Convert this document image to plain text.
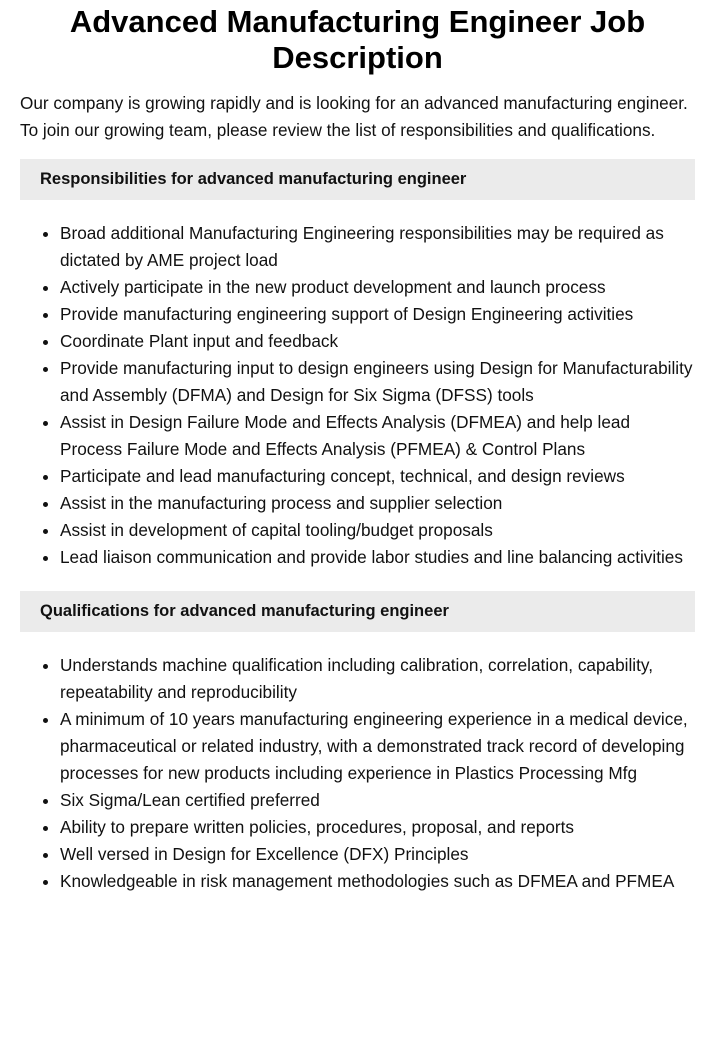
Advanced Manufacturing Engineer Job Description

Our company is growing rapidly and is looking for an advanced manufacturing engineer. To join our growing team, please review the list of responsibilities and qualifications.

Responsibilities for advanced manufacturing engineer
• Broad additional Manufacturing Engineering responsibilities may be required as dictated by AME project load
• Actively participate in the new product development and launch process
• Provide manufacturing engineering support of Design Engineering activities
• Coordinate Plant input and feedback
• Provide manufacturing input to design engineers using Design for Manufacturability and Assembly (DFMA) and Design for Six Sigma (DFSS) tools
• Assist in Design Failure Mode and Effects Analysis (DFMEA) and help lead Process Failure Mode and Effects Analysis (PFMEA) & Control Plans
• Participate and lead manufacturing concept, technical, and design reviews
• Assist in the manufacturing process and supplier selection
• Assist in development of capital tooling/budget proposals
• Lead liaison communication and provide labor studies and line balancing activities
Qualifications for advanced manufacturing engineer
• Understands machine qualification including calibration, correlation, capability, repeatability and reproducibility
• A minimum of 10 years manufacturing engineering experience in a medical device, pharmaceutical or related industry, with a demonstrated track record of developing processes for new products including experience in Plastics Processing Mfg
• Six Sigma/Lean certified preferred
• Ability to prepare written policies, procedures, proposal, and reports
• Well versed in Design for Excellence (DFX) Principles
• Knowledgeable in risk management methodologies such as DFMEA and PFMEA
